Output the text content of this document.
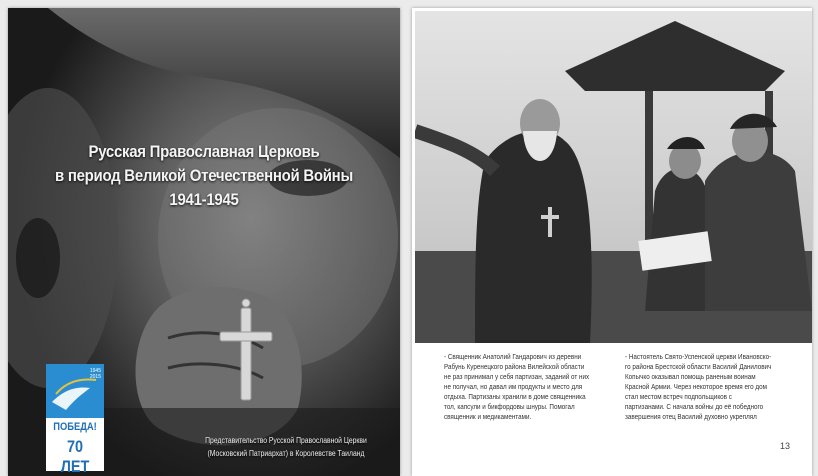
Русская Православная Церковь
в период Великой Отечественной Войны
1941-1945
1945
2015
ПОБЕДА!
70 ЛЕТ
Представительство Русской Православной Церкви
(Московский Патриархат) в Королевстве Таиланд
- Священник Анатолий Гандарович из деревни
Рабунь Куренецкого района Вилейской области
не раз принимал у себя партизан, заданий от них
не получал, но давал им продукты и место для
отдыха. Партизаны хранили в доме священника
тол, капсули и бикфордовы шнуры. Помогал
священник и медикаментами.
- Настоятель Свято-Успенской церкви Ивановско-
го района Брестской области Василий Данилович
Копычко оказывал помощь раненым воинам
Красной Армии. Через некоторое время его дом
стал местом встреч подпольщиков с
партизанами. С начала войны до её победного
завершения отец Василий духовно укреплял
13
